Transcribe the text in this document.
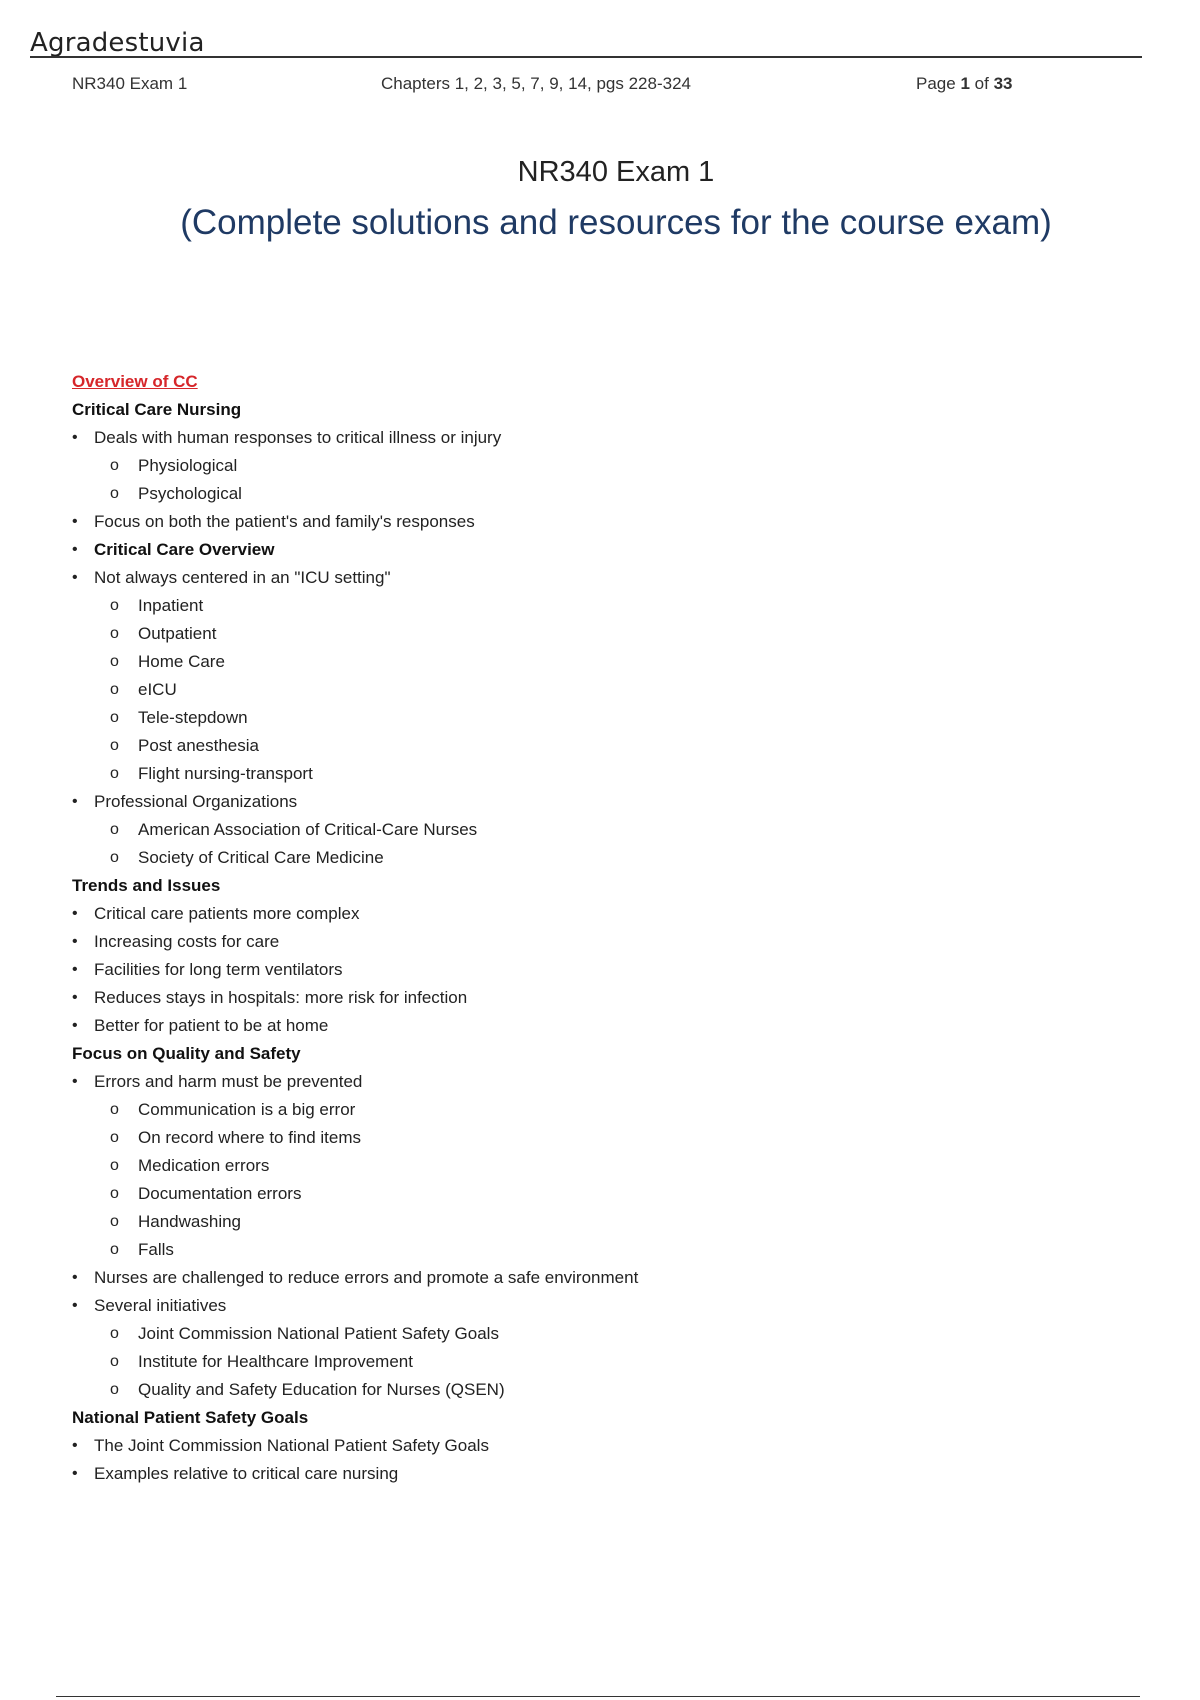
Agradestuvia
NR340 Exam 1	Chapters 1, 2, 3, 5, 7, 9, 14, pgs 228-324	Page 1 of 33
NR340 Exam 1
(Complete solutions and resources for the course exam)
Overview of CC
Critical Care Nursing
• Deals with human responses to critical illness or injury
o Physiological
o Psychological
• Focus on both the patient's and family's responses
• Critical Care Overview
• Not always centered in an "ICU setting"
o Inpatient
o Outpatient
o Home Care
o eICU
o Tele-stepdown
o Post anesthesia
o Flight nursing-transport
• Professional Organizations
o American Association of Critical-Care Nurses
o Society of Critical Care Medicine
Trends and Issues
• Critical care patients more complex
• Increasing costs for care
• Facilities for long term ventilators
• Reduces stays in hospitals: more risk for infection
• Better for patient to be at home
Focus on Quality and Safety
• Errors and harm must be prevented
o Communication is a big error
o On record where to find items
o Medication errors
o Documentation errors
o Handwashing
o Falls
• Nurses are challenged to reduce errors and promote a safe environment
• Several initiatives
o Joint Commission National Patient Safety Goals
o Institute for Healthcare Improvement
o Quality and Safety Education for Nurses (QSEN)
National Patient Safety Goals
• The Joint Commission National Patient Safety Goals
• Examples relative to critical care nursing
